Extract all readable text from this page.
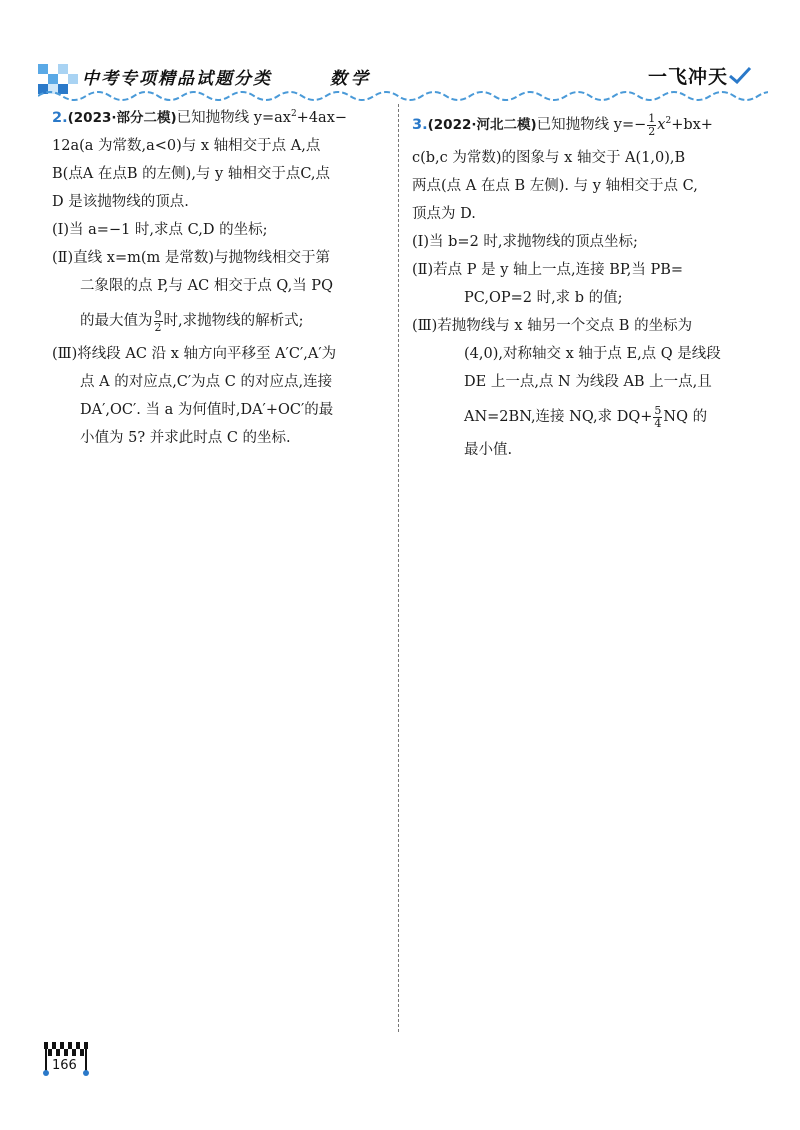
中考专项精品试题分类	数学	一飞冲天
2.(2023·部分二模)已知抛物线 $y=ax^2+4ax-$
12a(a 为常数,a<0)与 x 轴相交于点 A,点
B(点A 在点B 的左侧),与 y 轴相交于点C,点
D 是该抛物线的顶点.
(Ⅰ)当 a=−1 时,求点 C,D 的坐标;
(Ⅱ)直线 x=m(m 是常数)与抛物线相交于第
二象限的点 P,与 AC 相交于点 Q,当 PQ
的最大值为 $\frac{9}{2}$ 时,求抛物线的解析式;
(Ⅲ)将线段 AC 沿 x 轴方向平移至 A′C′,A′为
点 A 的对应点,C′为点 C 的对应点,连接
DA′,OC′. 当 a 为何值时,DA′+OC′的最
小值为 5? 并求此时点 C 的坐标.
3.(2022·河北二模)已知抛物线 $y=- \frac{1}{2} x^2+bx+$
c(b,c 为常数)的图象与 x 轴交于 A(1,0),B
两点(点 A 在点 B 左侧). 与 y 轴相交于点 C,
顶点为 D.
(Ⅰ)当 b=2 时,求抛物线的顶点坐标;
(Ⅱ)若点 P 是 y 轴上一点,连接 BP,当 PB=
PC,OP=2 时,求 b 的值;
(Ⅲ)若抛物线与 x 轴另一个交点 B 的坐标为
(4,0),对称轴交 x 轴于点 E,点 Q 是线段
DE 上一点,点 N 为线段 AB 上一点,且
AN=2BN,连接 NQ,求 $DQ+ \frac{5}{4}$ NQ 的
最小值.
166
